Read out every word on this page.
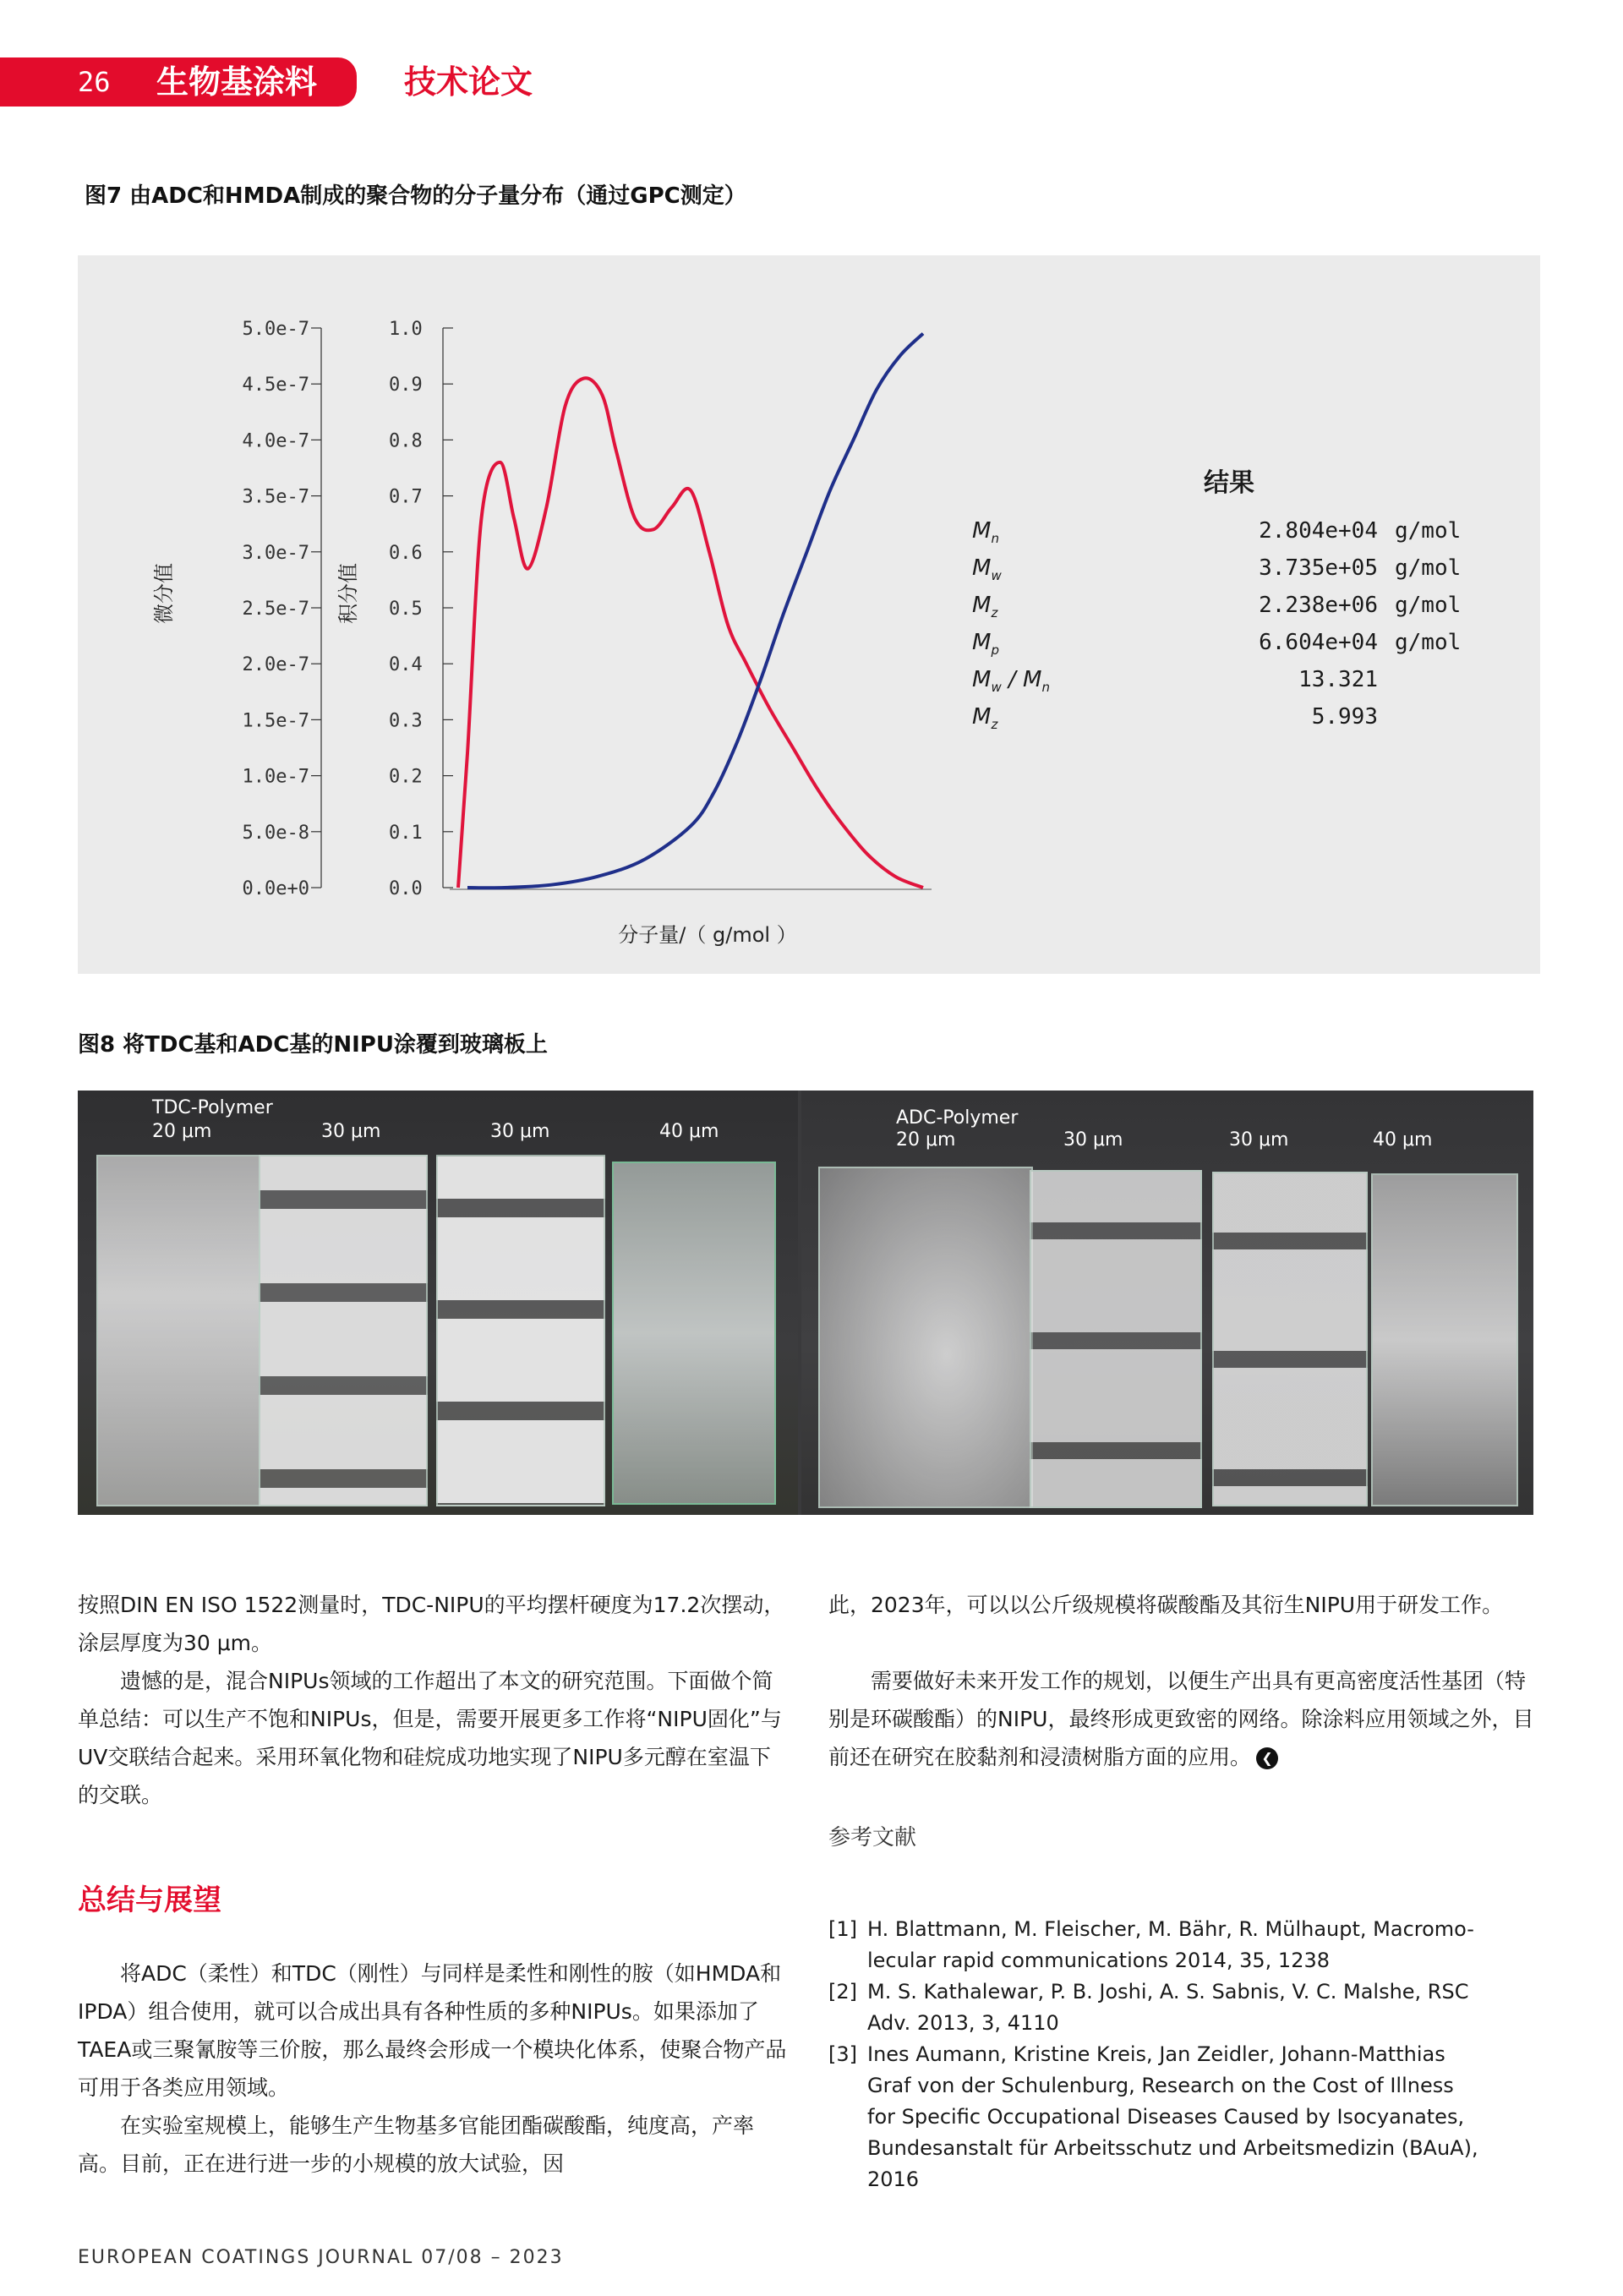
26 生物基涂料	技术论文
图7 由ADC和HMDA制成的聚合物的分子量分布（通过GPC测定）
5.0e-7
4.5e-7
4.0e-7
3.5e-7
3.0e-7
2.5e-7
2.0e-7
1.5e-7
1.0e-7
5.0e-8
0.0e+0
1.0
0.9
0.8
0.7
0.6
0.5
0.4
0.3
0.2
0.1
0.0
微分值	积分值
分子量/（ g/mol ）
结果
$M_n$	2.804e+04 g/mol
$M_w$	3.735e+05 g/mol
$M_z$	2.238e+06 g/mol
$M_p$	6.604e+04 g/mol
$M_w / M_n$	13.321
$M_z$	5.993
图8 将TDC基和ADC基的NIPU涂覆到玻璃板上
TDC-Polymer
20 μm	30 μm	30 μm	40 μm
ADC-Polymer
20 μm	30 μm	30 μm	40 μm
按照DIN EN ISO 1522测量时，TDC-NIPU的平均摆杆硬度为17.2次摆动，涂层厚度为30 μm。
遗憾的是，混合NIPUs领域的工作超出了本文的研究范围。下面做个简单总结：可以生产不饱和NIPUs，但是，需要开展更多工作将“NIPU固化”与UV交联结合起来。采用环氧化物和硅烷成功地实现了NIPU多元醇在室温下的交联。
总结与展望
将ADC（柔性）和TDC（刚性）与同样是柔性和刚性的胺（如HMDA和IPDA）组合使用，就可以合成出具有各种性质的多种NIPUs。如果添加了TAEA或三聚氰胺等三价胺，那么最终会形成一个模块化体系，使聚合物产品可用于各类应用领域。
在实验室规模上，能够生产生物基多官能团酯碳酸酯，纯度高，产率高。目前，正在进行进一步的小规模的放大试验，因
此，2023年，可以以公斤级规模将碳酸酯及其衍生NIPU用于研发工作。
需要做好未来开发工作的规划，以便生产出具有更高密度活性基团（特别是环碳酸酯）的NIPU，最终形成更致密的网络。除涂料应用领域之外，目前还在研究在胶黏剂和浸渍树脂方面的应用。 ❮
参考文献
[1] H. Blattmann, M. Fleischer, M. Bähr, R. Mülhaupt, Macromo-
lecular rapid communications 2014, 35, 1238
[2] M. S. Kathalewar, P. B. Joshi, A. S. Sabnis, V. C. Malshe, RSC
Adv. 2013, 3, 4110
[3] Ines Aumann, Kristine Kreis, Jan Zeidler, Johann-Matthias
Graf von der Schulenburg, Research on the Cost of Illness
for Specific Occupational Diseases Caused by Isocyanates,
Bundesanstalt für Arbeitsschutz und Arbeitsmedizin (BAuA),
2016
EUROPEAN COATINGS JOURNAL 07/08 – 2023
